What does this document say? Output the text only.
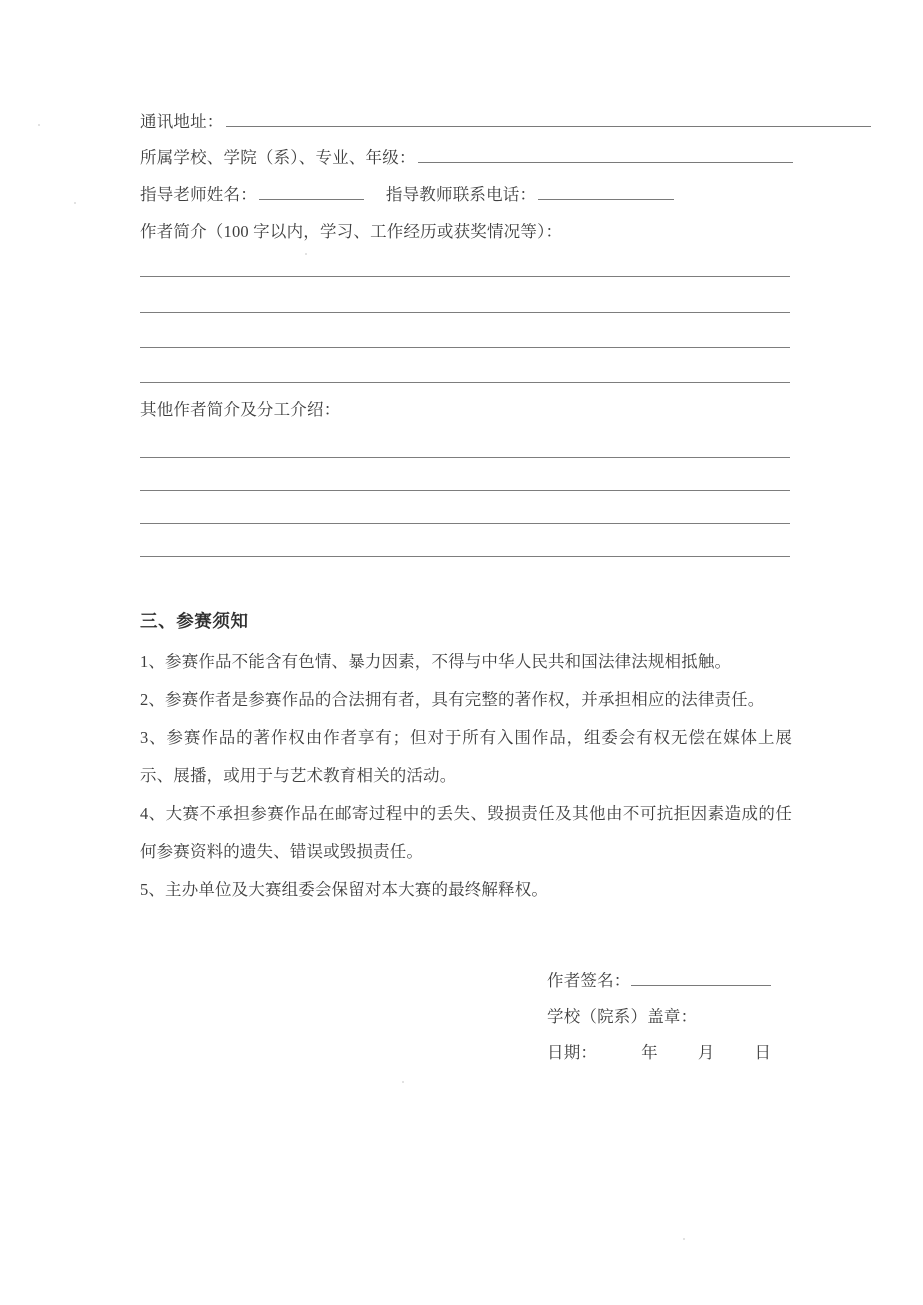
通讯地址：
所属学校、学院（系）、专业、年级：
指导老师姓名：	指导教师联系电话：
作者简介（100 字以内，学习、工作经历或获奖情况等）：
其他作者简介及分工介绍：
三、参赛须知
1、参赛作品不能含有色情、暴力因素，不得与中华人民共和国法律法规相抵触。
2、参赛作者是参赛作品的合法拥有者，具有完整的著作权，并承担相应的法律责任。
3、参赛作品的著作权由作者享有；但对于所有入围作品，组委会有权无偿在媒体上展示、展播，或用于与艺术教育相关的活动。
4、大赛不承担参赛作品在邮寄过程中的丢失、毁损责任及其他由不可抗拒因素造成的任何参赛资料的遗失、错误或毁损责任。
5、主办单位及大赛组委会保留对本大赛的最终解释权。
作者签名：
学校（院系）盖章：
日期：	年 月 日
